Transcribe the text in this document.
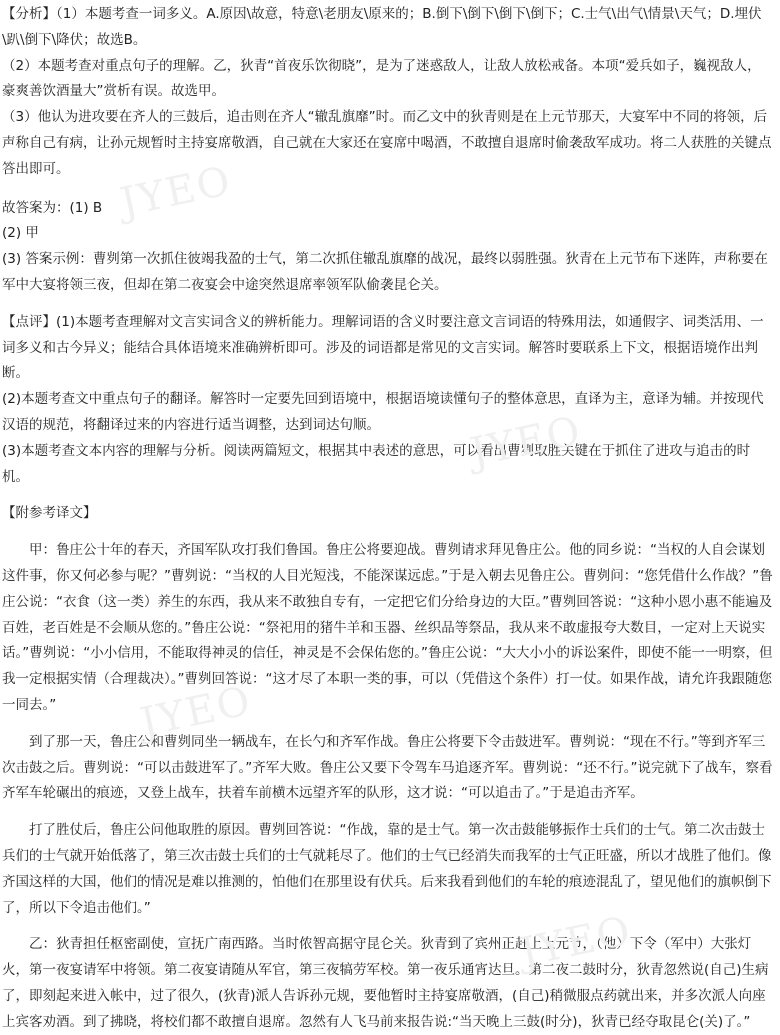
JYEO
JYEO
JYEO
JYEO

【分析】（1）本题考查一词多义。A.原因\故意，特意\老朋友\原来的；B.倒下\倒下\倒下\倒下；C.士气\出气\情景\天气；D.埋伏\趴\倒下\降伏；故选B。

（2）本题考查对重点句子的理解。乙，狄青“首夜乐饮彻晓”，是为了迷惑敌人，让敌人放松戒备。本项“爱兵如子，巍视敌人，豪爽善饮酒量大”赏析有误。故选甲。

（3）他认为进攻要在齐人的三鼓后，追击则在齐人“辙乱旗靡”时。而乙文中的狄青则是在上元节那天，大宴军中不同的将领，后声称自己有病，让孙元规暂时主持宴席敬酒，自己就在大家还在宴席中喝酒，不敢擅自退席时偷袭敌军成功。将二人获胜的关键点答出即可。

故答案为：(1) B

(2) 甲

(3) 答案示例：曹刿第一次抓住彼竭我盈的士气，第二次抓住辙乱旗靡的战况，最终以弱胜强。狄青在上元节布下迷阵，声称要在军中大宴将领三夜，但却在第二夜宴会中途突然退席率领军队偷袭昆仑关。

【点评】(1)本题考查理解对文言实词含义的辨析能力。理解词语的含义时要注意文言词语的特殊用法，如通假字、词类活用、一词多义和古今异义；能结合具体语境来准确辨析即可。涉及的词语都是常见的文言实词。解答时要联系上下文，根据语境作出判断。

(2)本题考查文中重点句子的翻译。解答时一定要先回到语境中，根据语境读懂句子的整体意思，直译为主，意译为辅。并按现代汉语的规范，将翻译过来的内容进行适当调整，达到词达句顺。

(3)本题考查文本内容的理解与分析。阅读两篇短文，根据其中表述的意思，可以看出曹刿取胜关键在于抓住了进攻与追击的时机。

【附参考译文】

甲：鲁庄公十年的春天，齐国军队攻打我们鲁国。鲁庄公将要迎战。曹刿请求拜见鲁庄公。他的同乡说：“当权的人自会谋划这件事，你又何必参与呢？”曹刿说：“当权的人目光短浅，不能深谋远虑。”于是入朝去见鲁庄公。曹刿问：“您凭借什么作战？”鲁庄公说：“衣食（这一类）养生的东西，我从来不敢独自专有，一定把它们分给身边的大臣。”曹刿回答说：“这种小恩小惠不能遍及百姓，老百姓是不会顺从您的。”鲁庄公说：“祭祀用的猪牛羊和玉器、丝织品等祭品，我从来不敢虚报夸大数目，一定对上天说实话。”曹刿说：“小小信用，不能取得神灵的信任，神灵是不会保佑您的。”鲁庄公说：“大大小小的诉讼案件，即使不能一一明察，但我一定根据实情（合理裁决）。”曹刿回答说：“这才尽了本职一类的事，可以（凭借这个条件）打一仗。如果作战，请允许我跟随您一同去。”

到了那一天，鲁庄公和曹刿同坐一辆战车，在长勺和齐军作战。鲁庄公将要下令击鼓进军。曹刿说：“现在不行。”等到齐军三次击鼓之后。曹刿说：“可以击鼓进军了。”齐军大败。鲁庄公又要下令驾车马追逐齐军。曹刿说：“还不行。”说完就下了战车，察看齐军车轮碾出的痕迹，又登上战车，扶着车前横木远望齐军的队形，这才说：“可以追击了。”于是追击齐军。

打了胜仗后，鲁庄公问他取胜的原因。曹刿回答说：“作战，靠的是士气。第一次击鼓能够振作士兵们的士气。第二次击鼓士兵们的士气就开始低落了，第三次击鼓士兵们的士气就耗尽了。他们的士气已经消失而我军的士气正旺盛，所以才战胜了他们。像齐国这样的大国，他们的情况是难以推测的，怕他们在那里设有伏兵。后来我看到他们的车轮的痕迹混乱了，望见他们的旗帜倒下了，所以下令追击他们。”

乙：狄青担任枢密副使，宣抚广南西路。当时侬智高据守昆仑关。狄青到了宾州正赶上上元节，（他）下令（军中）大张灯火，第一夜宴请军中将领。第二夜宴请随从军官，第三夜犒劳军校。第一夜乐通宵达旦。第二夜二鼓时分，狄青忽然说(自己)生病了，即刻起来进入帐中，过了很久，(狄青)派人告诉孙元规，要他暂时主持宴席敬酒，(自己)稍微服点药就出来，并多次派人向座上宾客劝酒。到了拂晓，将校们都不敢擅自退席。忽然有人飞马前来报告说:“当天晚上三鼓(时分)，狄青已经夺取昆仑(关)了。”
